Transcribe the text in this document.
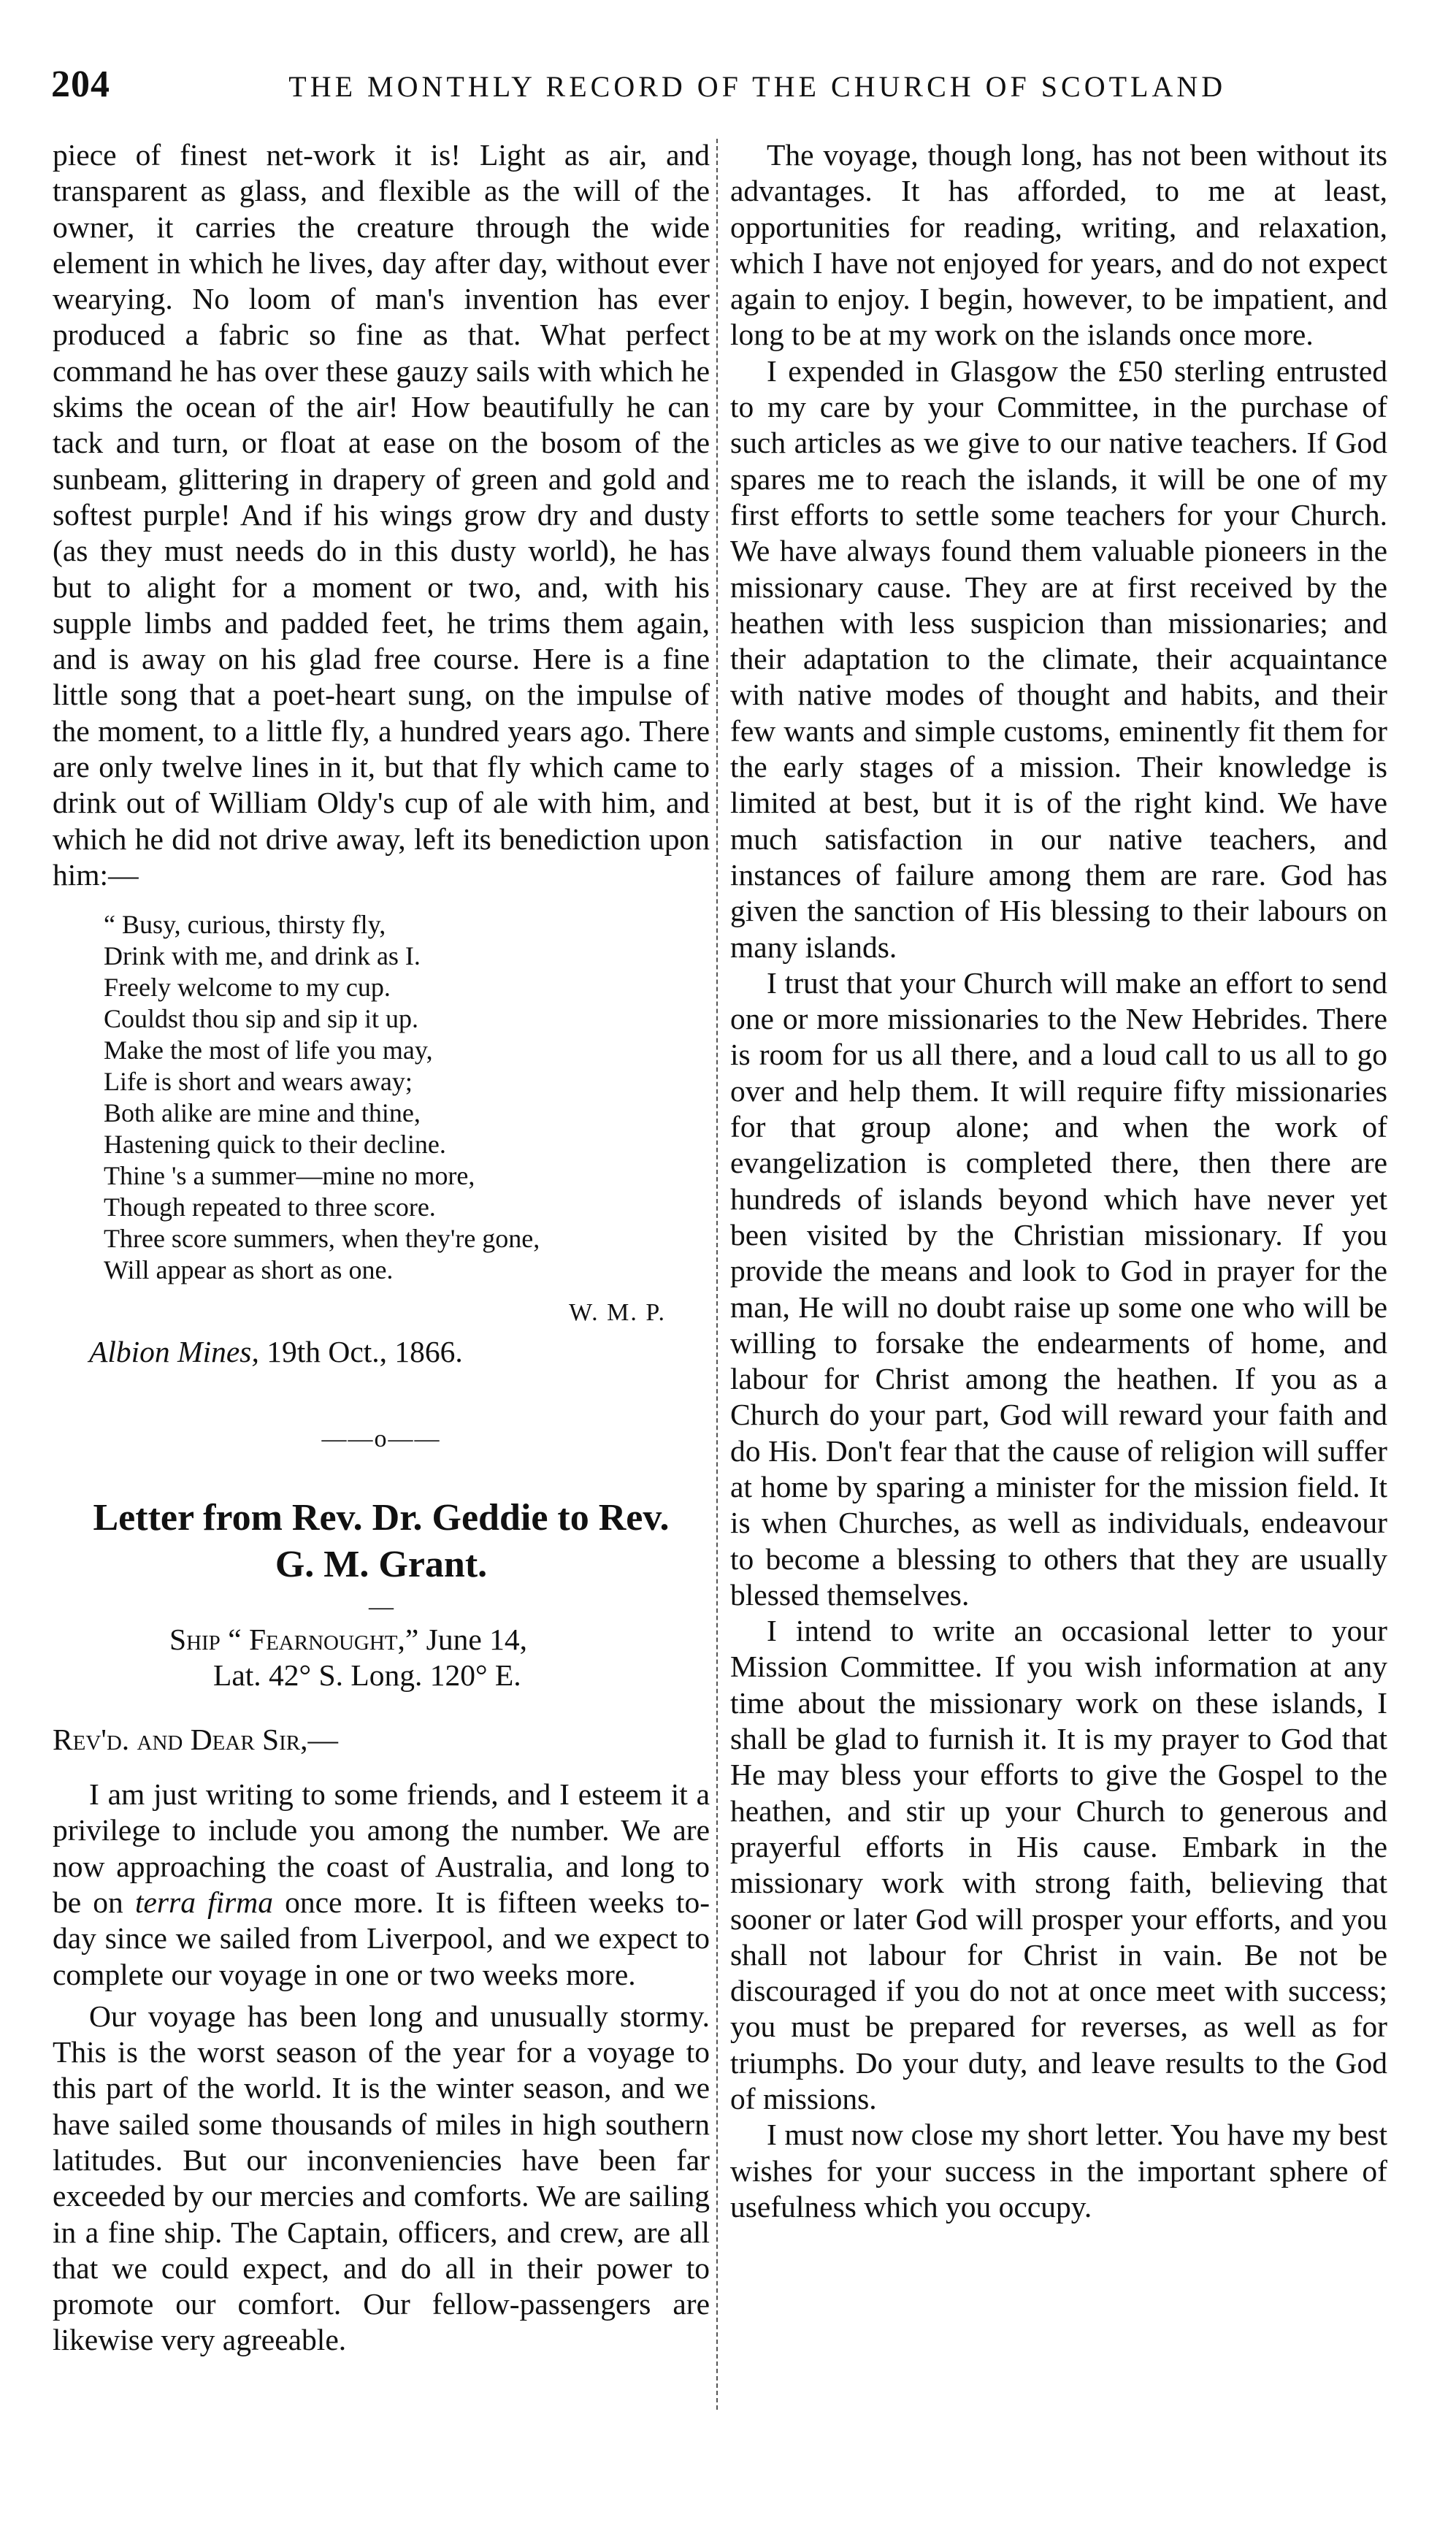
204	THE MONTHLY RECORD OF THE CHURCH OF SCOTLAND

piece of finest net-work it is! Light as air, and transparent as glass, and flexible as the will of the owner, it carries the creature through the wide element in which he lives, day after day, without ever wearying. No loom of man's invention has ever produced a fabric so fine as that. What perfect command he has over these gauzy sails with which he skims the ocean of the air! How beautifully he can tack and turn, or float at ease on the bosom of the sunbeam, glittering in drapery of green and gold and softest purple! And if his wings grow dry and dusty (as they must needs do in this dusty world), he has but to alight for a moment or two, and, with his supple limbs and padded feet, he trims them again, and is away on his glad free course. Here is a fine little song that a poet-heart sung, on the impulse of the moment, to a little fly, a hundred years ago. There are only twelve lines in it, but that fly which came to drink out of William Oldy's cup of ale with him, and which he did not drive away, left its benediction upon him:—

“ Busy, curious, thirsty fly,
Drink with me, and drink as I.
Freely welcome to my cup.
Couldst thou sip and sip it up.
Make the most of life you may,
Life is short and wears away;
Both alike are mine and thine,
Hastening quick to their decline.
Thine 's a summer—mine no more,
Though repeated to three score.
Three score summers, when they're gone,
Will appear as short as one.
W. M. P.
Albion Mines, 19th Oct., 1866.
——o——
Letter from Rev. Dr. Geddie to Rev.
G. M. Grant.
—
Ship “ Fearnought,” June 14,
Lat. 42° S. Long. 120° E.
Rev'd. and Dear Sir,—

I am just writing to some friends, and I esteem it a privilege to include you among the number. We are now approaching the coast of Australia, and long to be on terra firma once more. It is fifteen weeks to-day since we sailed from Liverpool, and we expect to complete our voyage in one or two weeks more.

Our voyage has been long and unusually stormy. This is the worst season of the year for a voyage to this part of the world. It is the winter season, and we have sailed some thousands of miles in high southern latitudes. But our inconveniencies have been far exceeded by our mercies and comforts. We are sailing in a fine ship. The Captain, officers, and crew, are all that we could expect, and do all in their power to promote our comfort. Our fellow-passengers are likewise very agreeable.

The voyage, though long, has not been without its advantages. It has afforded, to me at least, opportunities for reading, writing, and relaxation, which I have not enjoyed for years, and do not expect again to enjoy. I begin, however, to be impatient, and long to be at my work on the islands once more.

I expended in Glasgow the £50 sterling entrusted to my care by your Committee, in the purchase of such articles as we give to our native teachers. If God spares me to reach the islands, it will be one of my first efforts to settle some teachers for your Church. We have always found them valuable pioneers in the missionary cause. They are at first received by the heathen with less suspicion than missionaries; and their adaptation to the climate, their acquaintance with native modes of thought and habits, and their few wants and simple customs, eminently fit them for the early stages of a mission. Their knowledge is limited at best, but it is of the right kind. We have much satisfaction in our native teachers, and instances of failure among them are rare. God has given the sanction of His blessing to their labours on many islands.

I trust that your Church will make an effort to send one or more missionaries to the New Hebrides. There is room for us all there, and a loud call to us all to go over and help them. It will require fifty missionaries for that group alone; and when the work of evangelization is completed there, then there are hundreds of islands beyond which have never yet been visited by the Christian missionary. If you provide the means and look to God in prayer for the man, He will no doubt raise up some one who will be willing to forsake the endearments of home, and labour for Christ among the heathen. If you as a Church do your part, God will reward your faith and do His. Don't fear that the cause of religion will suffer at home by sparing a minister for the mission field. It is when Churches, as well as individuals, endeavour to become a blessing to others that they are usually blessed themselves.

I intend to write an occasional letter to your Mission Committee. If you wish information at any time about the missionary work on these islands, I shall be glad to furnish it. It is my prayer to God that He may bless your efforts to give the Gospel to the heathen, and stir up your Church to generous and prayerful efforts in His cause. Embark in the missionary work with strong faith, believing that sooner or later God will prosper your efforts, and you shall not labour for Christ in vain. Be not be discouraged if you do not at once meet with success; you must be prepared for reverses, as well as for triumphs. Do your duty, and leave results to the God of missions.

I must now close my short letter. You have my best wishes for your success in the important sphere of usefulness which you occupy.
